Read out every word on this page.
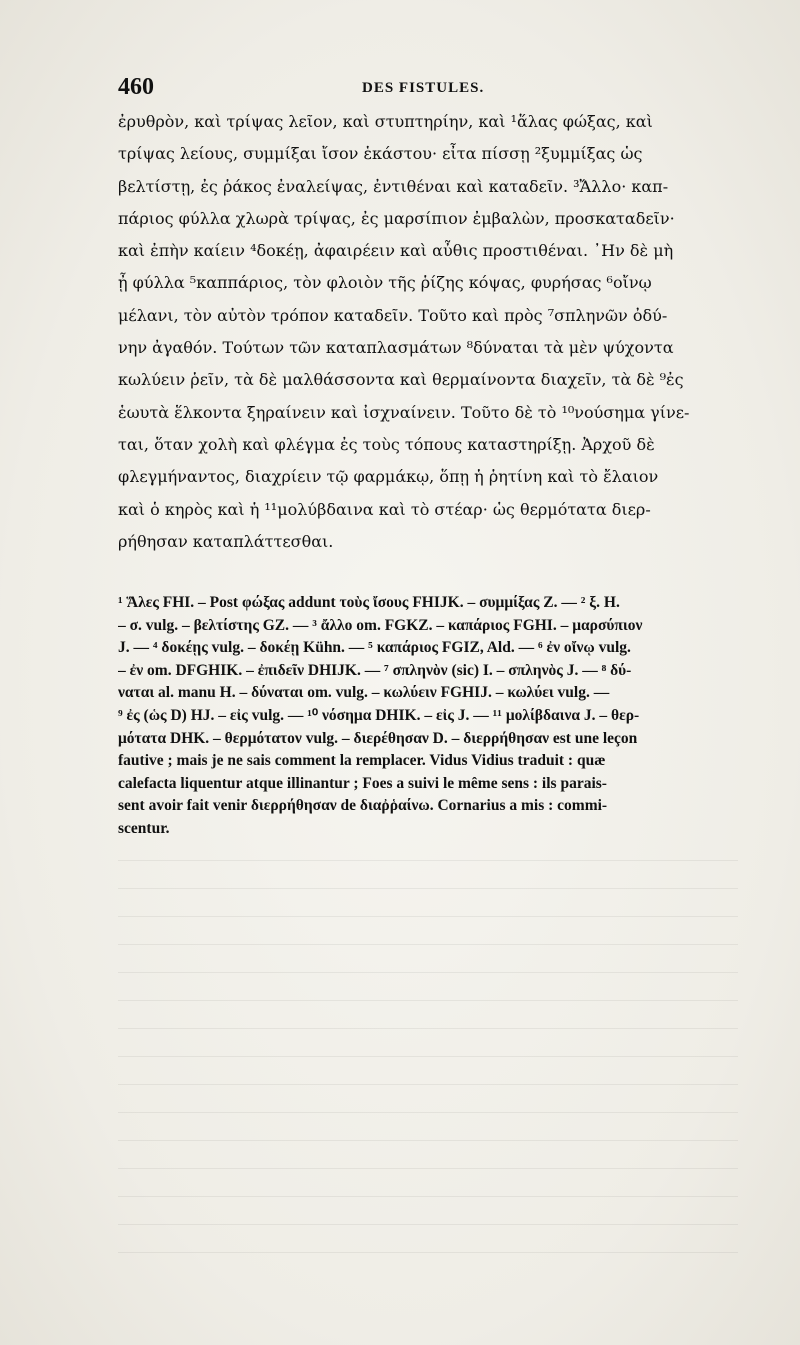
460	DES FISTULES.
ἐρυθρὸν, καὶ τρίψας λεῖον, καὶ στυπτηρίην, καὶ ¹ἅλας φώξας, καὶ
τρίψας λείους, συμμίξαι ἴσον ἑκάστου· εἶτα πίσσῃ ²ξυμμίξας ὡς
βελτίστῃ, ἐς ῥάκος ἐναλείψας, ἐντιθέναι καὶ καταδεῖν. ³Ἄλλο· καπ-
πάριος φύλλα χλωρὰ τρίψας, ἐς μαρσίπιον ἐμβαλὼν, προσκαταδεῖν·
καὶ ἐπὴν καίειν ⁴δοκέῃ, ἀφαιρέειν καὶ αὖθις προστιθέναι. ᾿Ην δὲ μὴ
ᾖ φύλλα ⁵καππάριος, τὸν φλοιὸν τῆς ῥίζης κόψας, φυρήσας ⁶οἴνῳ
μέλανι, τὸν αὐτὸν τρόπον καταδεῖν. Τοῦτο καὶ πρὸς ⁷σπληνῶν ὀδύ-
νην ἀγαθόν. Τούτων τῶν καταπλασμάτων ⁸δύναται τὰ μὲν ψύχοντα
κωλύειν ῥεῖν, τὰ δὲ μαλθάσσοντα καὶ θερμαίνοντα διαχεῖν, τὰ δὲ ⁹ἐς
ἑωυτὰ ἕλκοντα ξηραίνειν καὶ ἰσχναίνειν. Τοῦτο δὲ τὸ ¹⁰νούσημα γίνε-
ται, ὅταν χολὴ καὶ φλέγμα ἐς τοὺς τόπους καταστηρίξῃ. Ἀρχοῦ δὲ
φλεγμήναντος, διαχρίειν τῷ φαρμάκῳ, ὅπῃ ἡ ῥητίνη καὶ τὸ ἔλαιον
καὶ ὁ κηρὸς καὶ ἡ ¹¹μολύβδαινα καὶ τὸ στέαρ· ὡς θερμότατα διερ-
ρήθησαν καταπλάττεσθαι.
¹ Ἅλες FHI. – Post φώξας addunt τοὺς ἴσους FHIJK. – συμμίξας Z. — ² ξ. H.
– σ. vulg. – βελτίστης GZ. — ³ ἄλλο om. FGKZ. – καπάριος FGHI. – μαρσύπιον
J. — ⁴ δοκέῃς vulg. – δοκέῃ Kühn. — ⁵ καπάριος FGIZ, Ald. — ⁶ ἐν οἴνῳ vulg.
– ἐν om. DFGHIK. – ἐπιδεῖν DHIJK. — ⁷ σπληνὸν (sic) I. – σπληνὸς J. — ⁸ δύ-
ναται al. manu H. – δύναται om. vulg. – κωλύειν FGHIJ. – κωλύει vulg. —
⁹ ἐς (ὡς D) HJ. – εἰς vulg. — ¹⁰ νόσημα DHIK. – εἰς J. — ¹¹ μολίβδαινα J. – θερ-
μότατα DHK. – θερμότατον vulg. – διερέθησαν D. – διερρήθησαν est une leçon
fautive ; mais je ne sais comment la remplacer. Vidus Vidius traduit : quæ
calefacta liquentur atque illinantur ; Foes a suivi le même sens : ils parais-
sent avoir fait venir διερρήθησαν de διαῤῥαίνω. Cornarius a mis : commi-
scentur.
